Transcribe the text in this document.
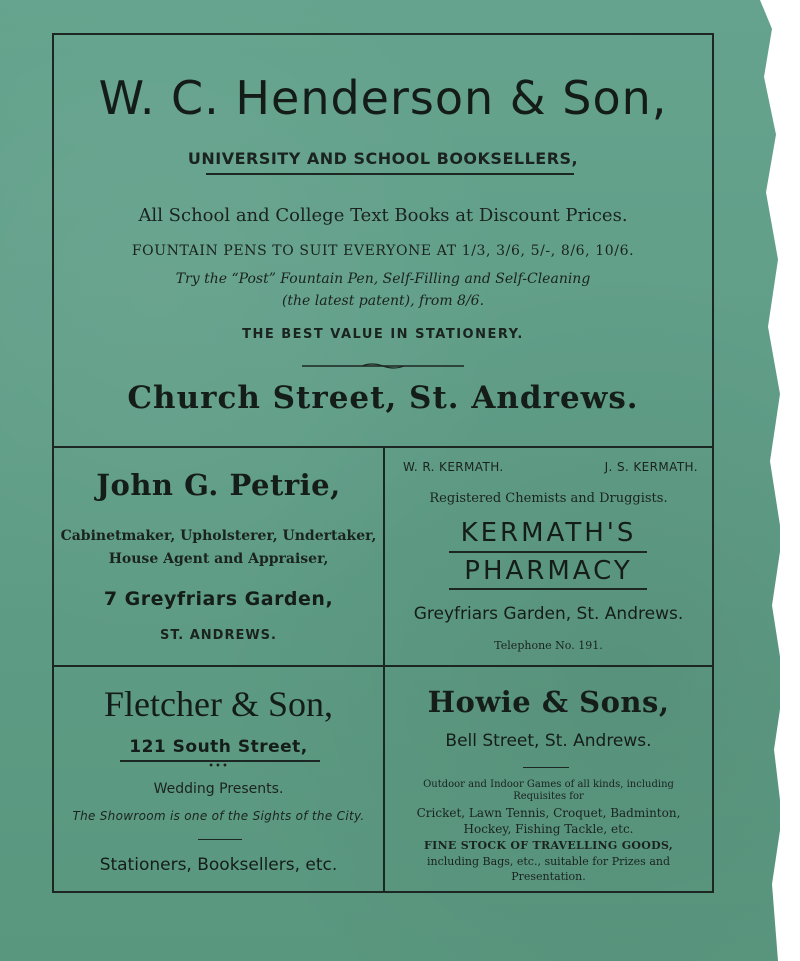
W. C. Henderson & Son,
UNIVERSITY AND SCHOOL BOOKSELLERS,
All School and College Text Books at Discount Prices.
FOUNTAIN PENS TO SUIT EVERYONE AT 1/3, 3/6, 5/-, 8/6, 10/6.
Try the “Post” Fountain Pen, Self-Filling and Self-Cleaning
(the latest patent), from 8/6.
THE BEST VALUE IN STATIONERY.
Church Street, St. Andrews.
John G. Petrie,
Cabinetmaker, Upholsterer, Undertaker,
House Agent and Appraiser,
7 Greyfriars Garden,
ST. ANDREWS.
W. R. KERMATH.	J. S. KERMATH.
Registered Chemists and Druggists.
KERMATH'S
PHARMACY
Greyfriars Garden, St. Andrews.
Telephone No. 191.
Fletcher & Son,
121 South Street,
•••
Wedding Presents.
The Showroom is one of the Sights of the City.
Stationers, Booksellers, etc.
Howie & Sons,
Bell Street, St. Andrews.
Outdoor and Indoor Games of all kinds, including
Requisites for
Cricket, Lawn Tennis, Croquet, Badminton,
Hockey, Fishing Tackle, etc.
FINE STOCK OF TRAVELLING GOODS,
including Bags, etc., suitable for Prizes and
Presentation.
